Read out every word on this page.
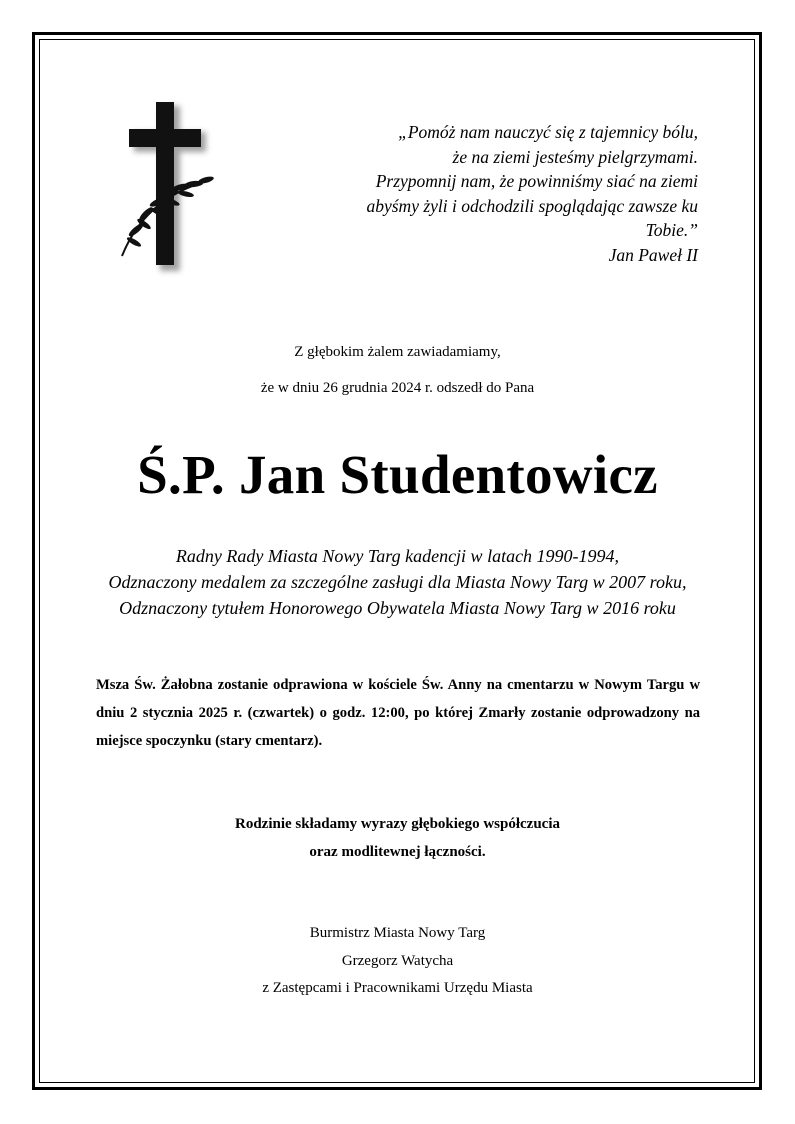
„Pomóż nam nauczyć się z tajemnicy bólu,
że na ziemi jesteśmy pielgrzymami.
Przypomnij nam, że powinniśmy siać na ziemi
abyśmy żyli i odchodzili spoglądając zawsze ku
Tobie.”
Jan Paweł II
Z głębokim żalem zawiadamiamy,
że w dniu 26 grudnia 2024 r. odszedł do Pana
Ś.P. Jan Studentowicz
Radny Rady Miasta Nowy Targ kadencji w latach 1990-1994,
Odznaczony medalem za szczególne zasługi dla Miasta Nowy Targ w 2007 roku,
Odznaczony tytułem Honorowego Obywatela Miasta Nowy Targ w 2016 roku
Msza Św. Żałobna zostanie odprawiona w kościele Św. Anny na cmentarzu w Nowym Targu w dniu 2 stycznia 2025 r. (czwartek) o godz. 12:00, po której Zmarły zostanie odprowadzony na miejsce spoczynku (stary cmentarz).
Rodzinie składamy wyrazy głębokiego współczucia
oraz modlitewnej łączności.
Burmistrz Miasta Nowy Targ
Grzegorz Watycha
z Zastępcami i Pracownikami Urzędu Miasta
